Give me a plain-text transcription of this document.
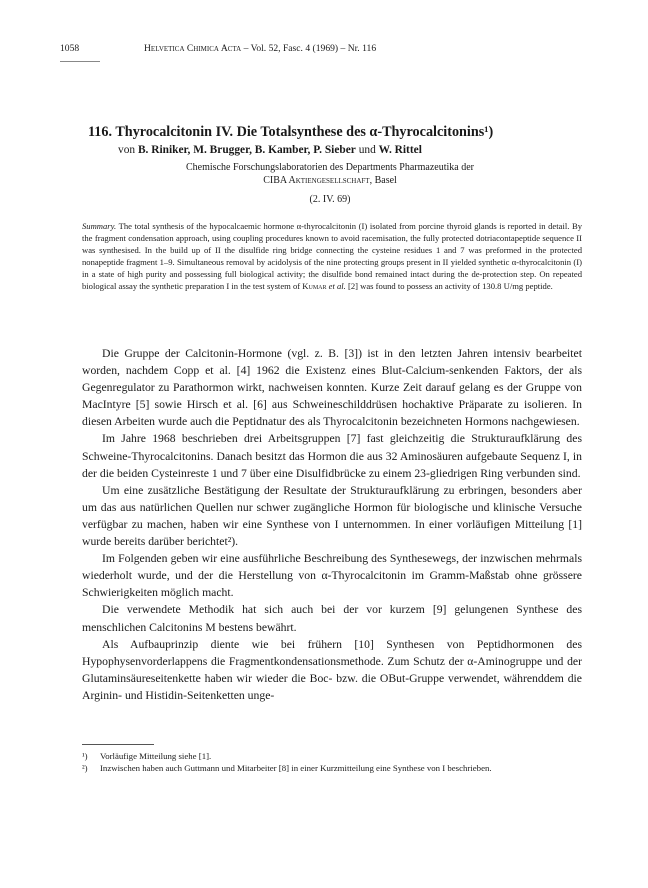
1058	Helvetica Chimica Acta – Vol. 52, Fasc. 4 (1969) – Nr. 116
116. Thyrocalcitonin IV. Die Totalsynthese des α-Thyrocalcitonins¹)
von B. Riniker, M. Brugger, B. Kamber, P. Sieber und W. Rittel
Chemische Forschungslaboratorien des Departments Pharmazeutika der
CIBA Aktiengesellschaft, Basel
(2. IV. 69)
Summary. The total synthesis of the hypocalcaemic hormone α-thyrocalcitonin (I) isolated from porcine thyroid glands is reported in detail. By the fragment condensation approach, using coupling procedures known to avoid racemisation, the fully protected dotriacontapeptide sequence II was synthesised. In the build up of II the disulfide ring bridge connecting the cysteine residues 1 and 7 was preformed in the protected nonapeptide fragment 1–9. Simultaneous removal by acidolysis of the nine protecting groups present in II yielded synthetic α-thyrocalcitonin (I) in a state of high purity and possessing full biological activity; the disulfide bond remained intact during the de-protection step. On repeated biological assay the synthetic preparation I in the test system of Kumar et al. [2] was found to possess an activity of 130.8 U/mg peptide.

Die Gruppe der Calcitonin-Hormone (vgl. z. B. [3]) ist in den letzten Jahren intensiv bearbeitet worden, nachdem Copp et al. [4] 1962 die Existenz eines Blut-Calcium-senkenden Faktors, der als Gegenregulator zu Parathormon wirkt, nachweisen konnten. Kurze Zeit darauf gelang es der Gruppe von MacIntyre [5] sowie Hirsch et al. [6] aus Schweineschilddrüsen hochaktive Präparate zu isolieren. In diesen Arbeiten wurde auch die Peptidnatur des als Thyrocalcitonin bezeichneten Hormons nachgewiesen.

Im Jahre 1968 beschrieben drei Arbeitsgruppen [7] fast gleichzeitig die Strukturaufklärung des Schweine-Thyrocalcitonins. Danach besitzt das Hormon die aus 32 Aminosäuren aufgebaute Sequenz I, in der die beiden Cysteinreste 1 und 7 über eine Disulfidbrücke zu einem 23-gliedrigen Ring verbunden sind.

Um eine zusätzliche Bestätigung der Resultate der Strukturaufklärung zu erbringen, besonders aber um das aus natürlichen Quellen nur schwer zugängliche Hormon für biologische und klinische Versuche verfügbar zu machen, haben wir eine Synthese von I unternommen. In einer vorläufigen Mitteilung [1] wurde bereits darüber berichtet²).

Im Folgenden geben wir eine ausführliche Beschreibung des Synthesewegs, der inzwischen mehrmals wiederholt wurde, und der die Herstellung von α-Thyrocalcitonin im Gramm-Maßstab ohne grössere Schwierigkeiten möglich macht.

Die verwendete Methodik hat sich auch bei der vor kurzem [9] gelungenen Synthese des menschlichen Calcitonins M bestens bewährt.

Als Aufbauprinzip diente wie bei frühern [10] Synthesen von Peptidhormonen des Hypophysenvorderlappens die Fragmentkondensationsmethode. Zum Schutz der α-Aminogruppe und der Glutaminsäureseitenkette haben wir wieder die Boc- bzw. die OBut-Gruppe verwendet, währenddem die Arginin- und Histidin-Seitenketten unge-

¹) Vorläufige Mitteilung siehe [1].
²) Inzwischen haben auch Guttmann und Mitarbeiter [8] in einer Kurzmitteilung eine Synthese von I beschrieben.
